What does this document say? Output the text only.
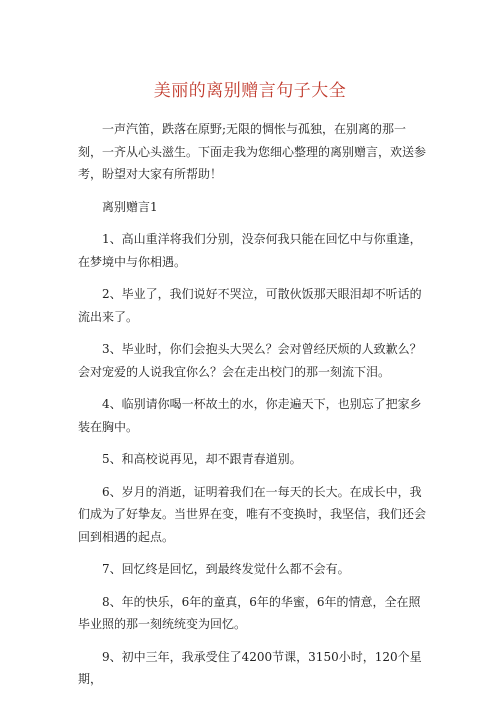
美丽的离别赠言句子大全

一声汽笛，跌落在原野;无限的惆怅与孤独，在别离的那一刻，一齐从心头滋生。下面走我为您细心整理的离别赠言，欢送参考，盼望对大家有所帮助！

离别赠言1

1、高山重洋将我们分别，没奈何我只能在回忆中与你重逢，在梦境中与你相遇。

2、毕业了，我们说好不哭泣，可散伙饭那天眼泪却不听话的流出来了。

3、毕业时，你们会抱头大哭么？会对曾经厌烦的人致歉么？会对宠爱的人说我宜你么？会在走出校门的那一刻流下泪。

4、临别请你喝一杯故土的水，你走遍天下，也别忘了把家乡装在胸中。

5、和高校说再见，却不跟青春道别。

6、岁月的消逝，证明着我们在一每天的长大。在成长中，我们成为了好挚友。当世界在变，唯有不变换时，我坚信，我们还会回到相遇的起点。

7、回忆终是回忆，到最终发觉什么都不会有。

8、年的快乐，6年的童真，6年的华蜜，6年的情意，全在照毕业照的那一刻统统变为回忆。

9、初中三年，我承受住了4200节课，3150小时，120个星期，
